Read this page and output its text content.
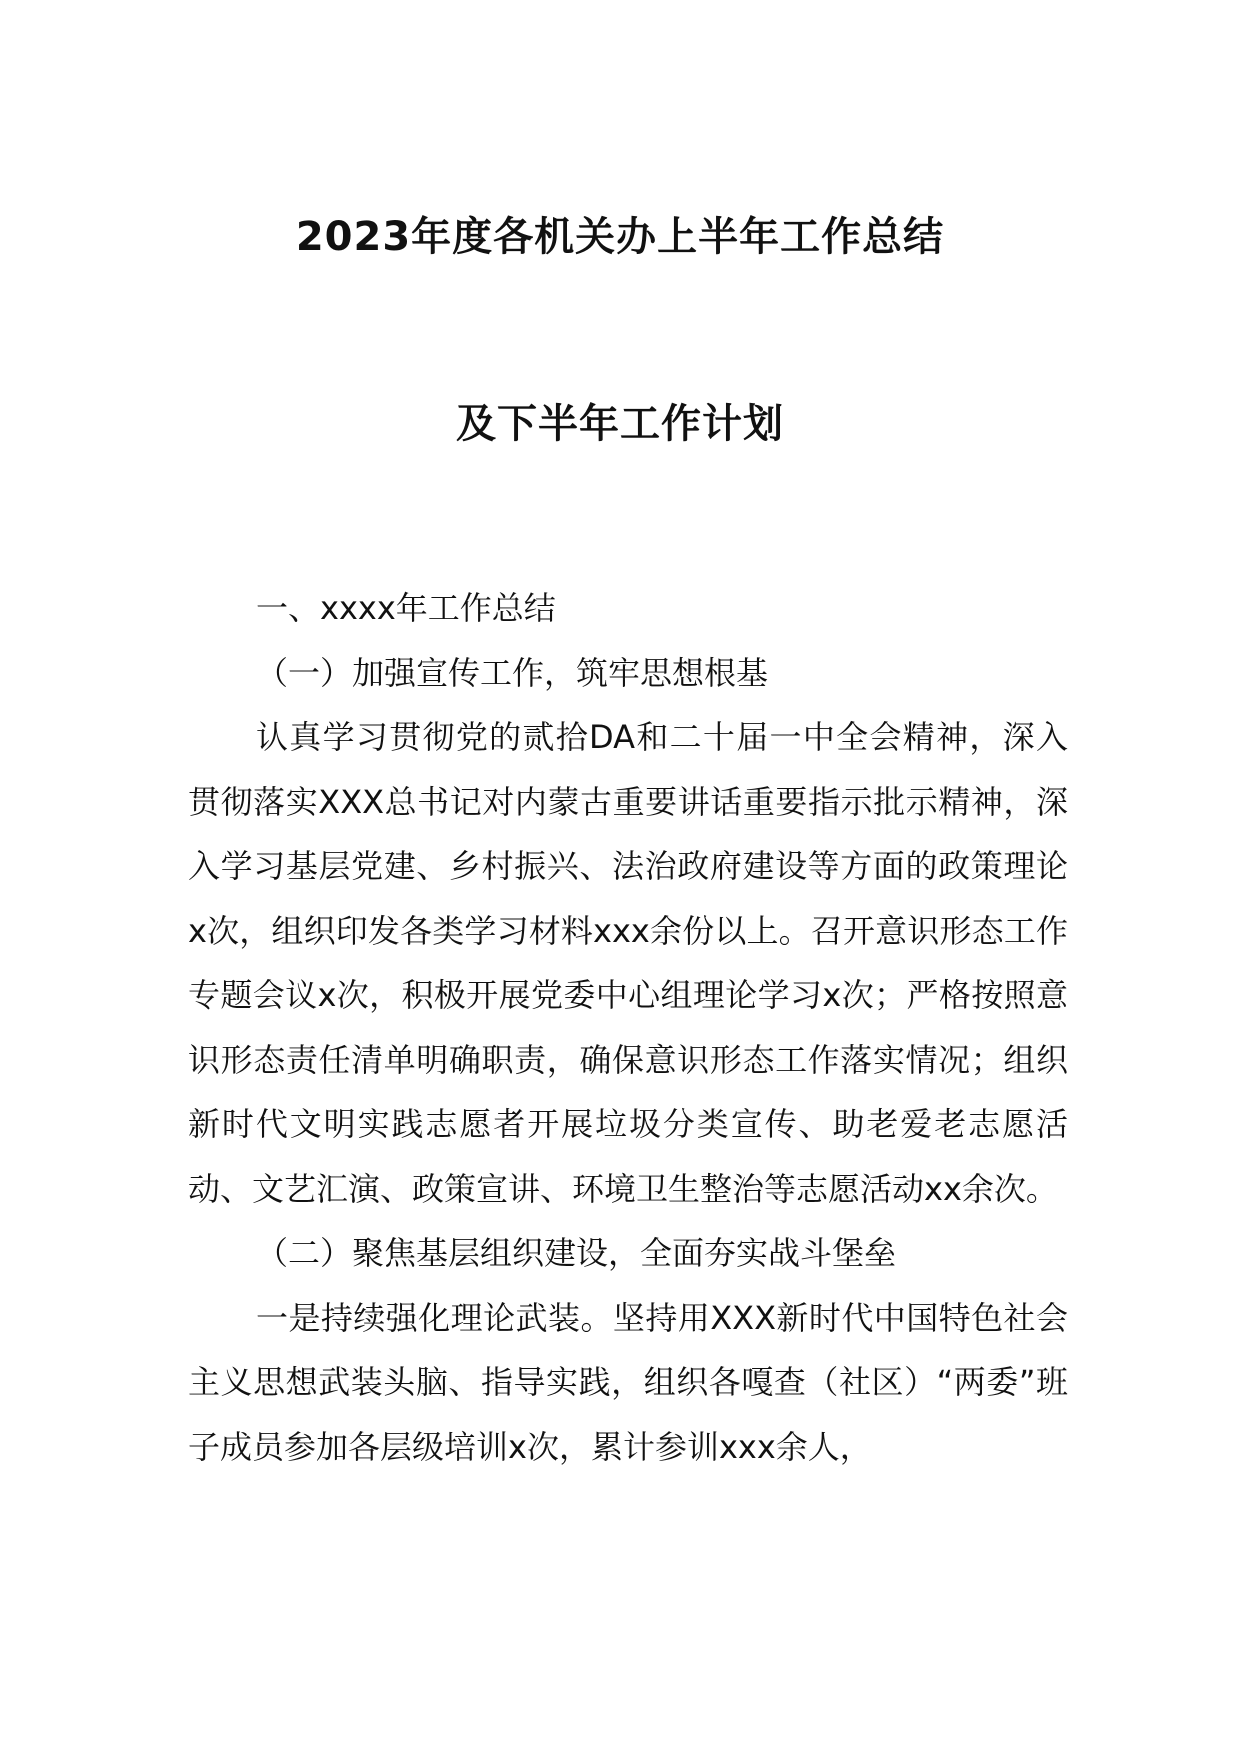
2023年度各机关办上半年工作总结
及下半年工作计划

一、xxxx年工作总结

（一）加强宣传工作，筑牢思想根基

认真学习贯彻党的贰拾DA和二十届一中全会精神，深入贯彻落实XXX总书记对内蒙古重要讲话重要指示批示精神，深入学习基层党建、乡村振兴、法治政府建设等方面的政策理论x次，组织印发各类学习材料xxx余份以上。召开意识形态工作专题会议x次，积极开展党委中心组理论学习x次；严格按照意识形态责任清单明确职责，确保意识形态工作落实情况；组织新时代文明实践志愿者开展垃圾分类宣传、助老爱老志愿活动、文艺汇演、政策宣讲、环境卫生整治等志愿活动xx余次。

（二）聚焦基层组织建设，全面夯实战斗堡垒

一是持续强化理论武装。坚持用XXX新时代中国特色社会主义思想武装头脑、指导实践，组织各嘎查（社区）“两委”班子成员参加各层级培训x次，累计参训xxx余人，
